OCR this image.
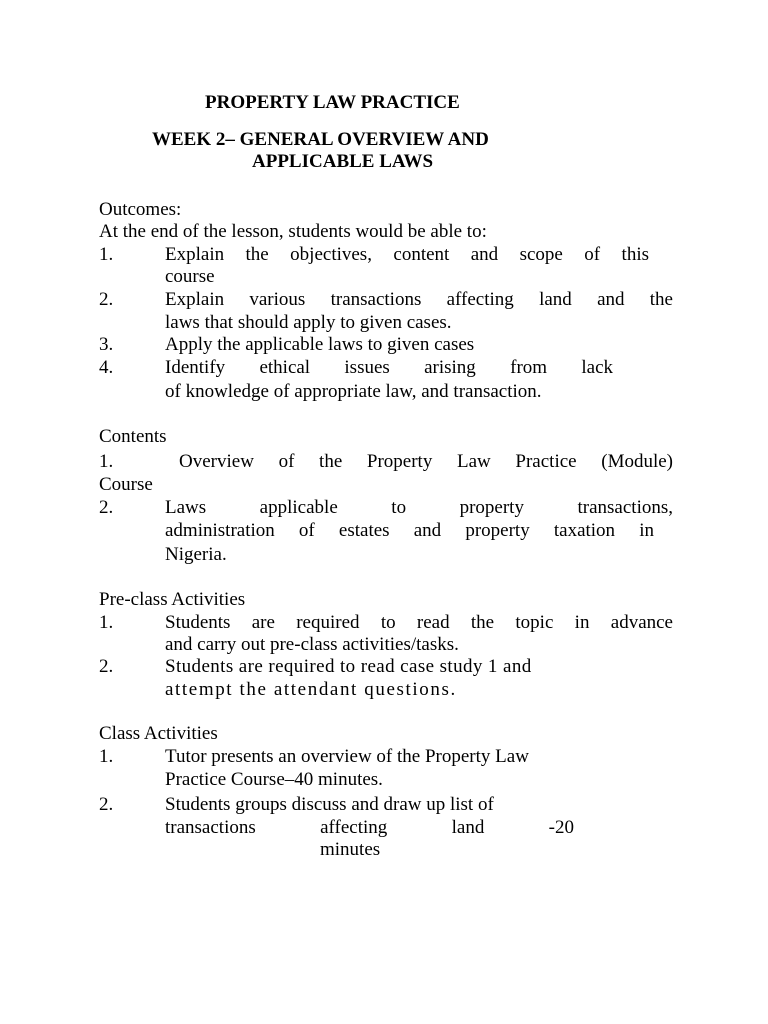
PROPERTY LAW PRACTICE
WEEK 2– GENERAL OVERVIEW AND
APPLICABLE LAWS
Outcomes:
At the end of the lesson, students would be able to:
1.	Explain the objectives, content and scope of this
course
2.	Explain various transactions affecting land and the
laws that should apply to given cases.
3.	Apply the applicable laws to given cases
4.	Identify ethical issues arising from lack
of knowledge of appropriate law, and transaction.
Contents
1.	Overview of the Property Law Practice (Module)
Course
2.	Laws applicable to property transactions,
administration of estates and property taxation in
Nigeria.
Pre-class Activities
1.	Students are required to read the topic in advance
and carry out pre-class activities/tasks.
2.	Students are required to read case study 1 and
attempt the attendant questions.
Class Activities
1.	Tutor presents an overview of the Property Law
Practice Course–40 minutes.
2.	Students groups discuss and draw up list of
transactions affecting land -20
minutes
